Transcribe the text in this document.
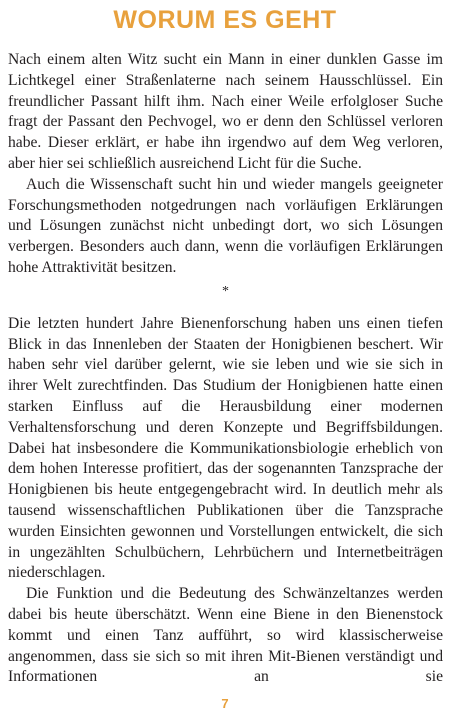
WORUM ES GEHT

Nach einem alten Witz sucht ein Mann in einer dunklen Gasse im Lichtkegel einer Straßenlaterne nach seinem Hausschlüssel. Ein freundlicher Passant hilft ihm. Nach einer Weile erfolgloser Suche fragt der Passant den Pechvogel, wo er denn den Schlüssel verloren habe. Dieser erklärt, er habe ihn irgendwo auf dem Weg verloren, aber hier sei schließlich ausreichend Licht für die Suche.

Auch die Wissenschaft sucht hin und wieder mangels geeigneter Forschungsmethoden notgedrungen nach vorläufigen Erklärungen und Lösungen zunächst nicht unbedingt dort, wo sich Lösungen verbergen. Besonders auch dann, wenn die vorläufigen Erklärungen hohe Attraktivität besitzen.

*

Die letzten hundert Jahre Bienenforschung haben uns einen tiefen Blick in das Innenleben der Staaten der Honigbienen beschert. Wir haben sehr viel darüber gelernt, wie sie leben und wie sie sich in ihrer Welt zurechtfinden. Das Studium der Honigbienen hatte einen starken Einfluss auf die Herausbildung einer modernen Verhaltensforschung und deren Konzepte und Begriffsbildungen. Dabei hat insbesondere die Kommunikationsbiologie erheblich von dem hohen Interesse profitiert, das der sogenannten Tanzsprache der Honigbienen bis heute entgegengebracht wird. In deutlich mehr als tausend wissenschaftlichen Publikationen über die Tanzsprache wurden Einsichten gewonnen und Vorstellungen entwickelt, die sich in ungezählten Schulbüchern, Lehrbüchern und Internetbeiträgen niederschlagen.

Die Funktion und die Bedeutung des Schwänzeltanzes werden dabei bis heute überschätzt. Wenn eine Biene in den Bienenstock kommt und einen Tanz aufführt, so wird klassischerweise angenommen, dass sie sich so mit ihren Mit-Bienen verständigt und Informationen an sie

7
